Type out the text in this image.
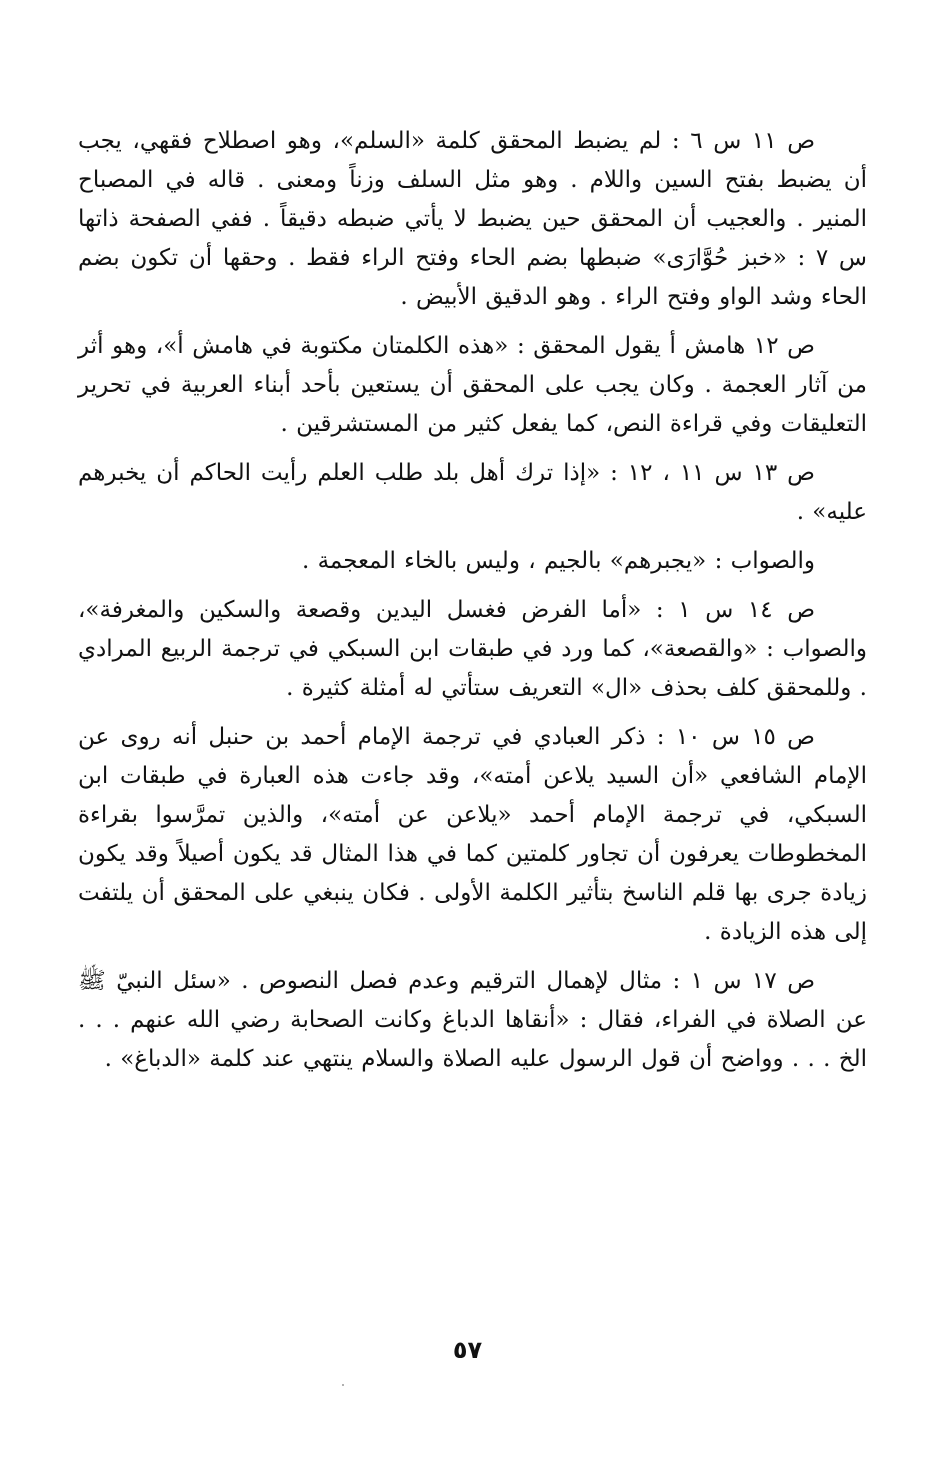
ص ١١ س ٦ : لم يضبط المحقق كلمة «السلم»، وهو اصطلاح فقهي، يجب أن يضبط بفتح السين واللام . وهو مثل السلف وزناً ومعنى . قاله في المصباح المنير . والعجيب أن المحقق حين يضبط لا يأتي ضبطه دقيقاً . ففي الصفحة ذاتها س ٧ : «خبز حُوَّارَى» ضبطها بضم الحاء وفتح الراء فقط . وحقها أن تكون بضم الحاء وشد الواو وفتح الراء . وهو الدقيق الأبيض .

ص ١٢ هامش أ يقول المحقق : «هذه الكلمتان مكتوبة في هامش أ»، وهو أثر من آثار العجمة . وكان يجب على المحقق أن يستعين بأحد أبناء العربية في تحرير التعليقات وفي قراءة النص، كما يفعل كثير من المستشرقين .

ص ١٣ س ١١ ، ١٢ : «إذا ترك أهل بلد طلب العلم رأيت الحاكم أن يخبرهم عليه» .

والصواب : «يجبرهم» بالجيم ، وليس بالخاء المعجمة .

ص ١٤ س ١ : «أما الفرض فغسل اليدين وقصعة والسكين والمغرفة»، والصواب : «والقصعة»، كما ورد في طبقات ابن السبكي في ترجمة الربيع المرادي . وللمحقق كلف بحذف «ال» التعريف ستأتي له أمثلة كثيرة .

ص ١٥ س ١٠ : ذكر العبادي في ترجمة الإمام أحمد بن حنبل أنه روى عن الإمام الشافعي «أن السيد يلاعن أمته»، وقد جاءت هذه العبارة في طبقات ابن السبكي، في ترجمة الإمام أحمد «يلاعن عن أمته»، والذين تمرَّسوا بقراءة المخطوطات يعرفون أن تجاور كلمتين كما في هذا المثال قد يكون أصيلاً وقد يكون زيادة جرى بها قلم الناسخ بتأثير الكلمة الأولى . فكان ينبغي على المحقق أن يلتفت إلى هذه الزيادة .

ص ١٧ س ١ : مثال لإهمال الترقيم وعدم فصل النصوص . «سئل النبيّ ﷺ عن الصلاة في الفراء، فقال : «أنقاها الدباغ وكانت الصحابة رضي الله عنهم . . . الخ . . . وواضح أن قول الرسول عليه الصلاة والسلام ينتهي عند كلمة «الدباغ» .

٥٧
